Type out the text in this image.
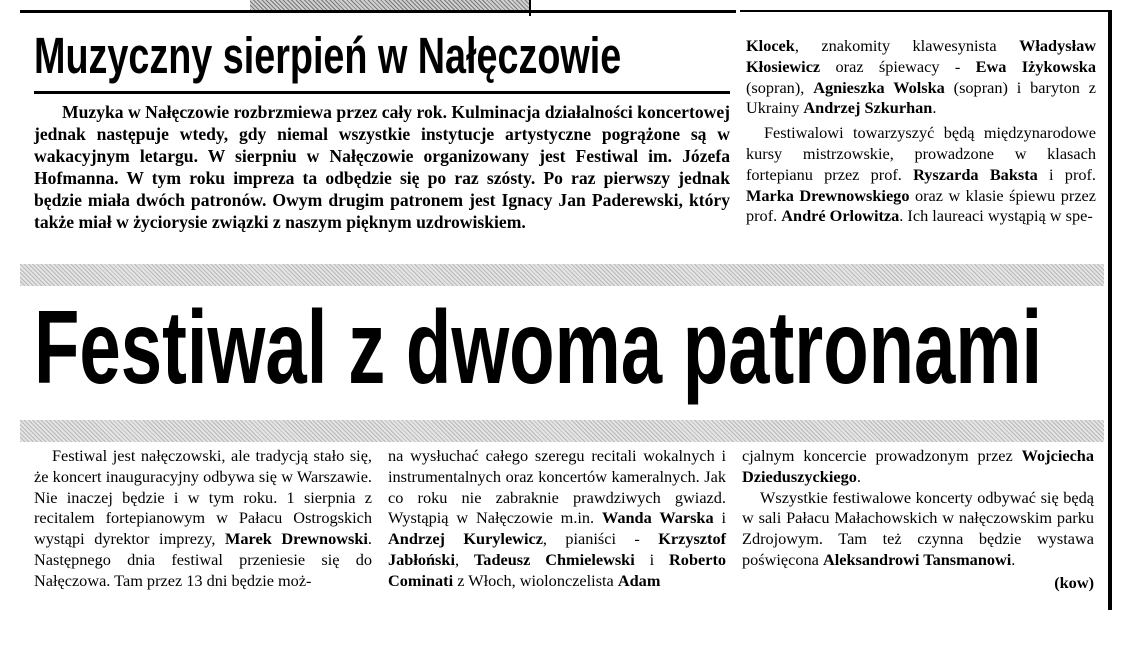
Muzyczny sierpień w Nałęczowie

Muzyka w Nałęczowie rozbrzmiewa przez cały rok. Kulminacja działalności koncertowej jednak następuje wtedy, gdy niemal wszystkie instytucje artystyczne pogrążone są w wakacyjnym letargu. W sierpniu w Nałęczowie organizowany jest Festiwal im. Józefa Hofmanna. W tym roku impreza ta odbędzie się po raz szósty. Po raz pierwszy jednak będzie miała dwóch patronów. Owym drugim patronem jest Ignacy Jan Paderewski, który także miał w życiorysie związki z naszym pięknym uzdrowiskiem.

Klocek, znakomity klawesynista Władysław Kłosiewicz oraz śpiewacy - Ewa Iżykowska (sopran), Agnieszka Wolska (sopran) i baryton z Ukrainy Andrzej Szkurhan.

Festiwalowi towarzyszyć będą międzynarodowe kursy mistrzowskie, prowadzone w klasach fortepianu przez prof. Ryszarda Baksta i prof. Marka Drewnowskiego oraz w klasie śpiewu przez prof. André Orlowitza. Ich laureaci wystąpią w spe-

Festiwal z dwoma patronami

Festiwal jest nałęczowski, ale tradycją stało się, że koncert inauguracyjny odbywa się w Warszawie. Nie inaczej będzie i w tym roku. 1 sierpnia z recitalem fortepianowym w Pałacu Ostrogskich wystąpi dyrektor imprezy, Marek Drewnowski. Następnego dnia festiwal przeniesie się do Nałęczowa. Tam przez 13 dni będzie moż-

na wysłuchać całego szeregu recitali wokalnych i instrumentalnych oraz koncertów kameralnych. Jak co roku nie zabraknie prawdziwych gwiazd. Wystąpią w Nałęczowie m.in. Wanda Warska i Andrzej Kurylewicz, pianiści - Krzysztof Jabłoński, Tadeusz Chmielewski i Roberto Cominati z Włoch, wiolonczelista Adam

cjalnym koncercie prowadzonym przez Wojciecha Dzieduszyckiego.

Wszystkie festiwalowe koncerty odbywać się będą w sali Pałacu Małachowskich w nałęczowskim parku Zdrojowym. Tam też czynna będzie wystawa poświęcona Aleksandrowi Tansmanowi.

(kow)
